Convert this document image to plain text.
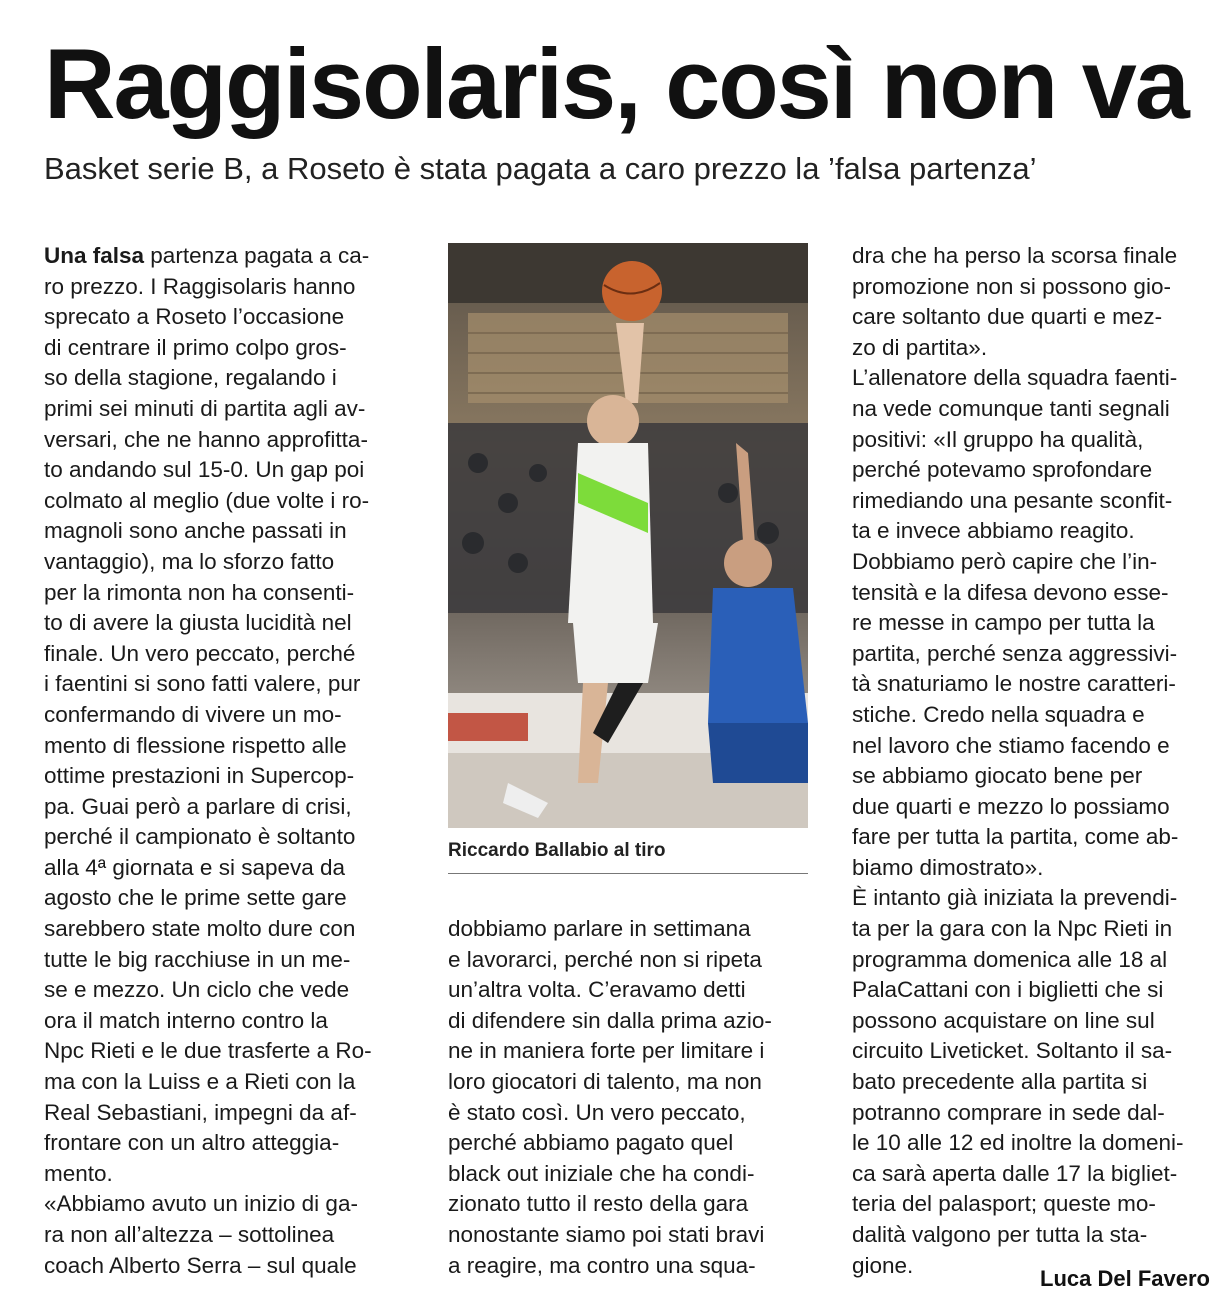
Raggisolaris, così non va
Basket serie B, a Roseto è stata pagata a caro prezzo la ’falsa partenza’
Una falsa partenza pagata a ca-
ro prezzo. I Raggisolaris hanno
sprecato a Roseto l’occasione
di centrare il primo colpo gros-
so della stagione, regalando i
primi sei minuti di partita agli av-
versari, che ne hanno approfitta-
to andando sul 15-0. Un gap poi
colmato al meglio (due volte i ro-
magnoli sono anche passati in
vantaggio), ma lo sforzo fatto
per la rimonta non ha consenti-
to di avere la giusta lucidità nel
finale. Un vero peccato, perché
i faentini si sono fatti valere, pur
confermando di vivere un mo-
mento di flessione rispetto alle
ottime prestazioni in Supercop-
pa. Guai però a parlare di crisi,
perché il campionato è soltanto
alla 4ª giornata e si sapeva da
agosto che le prime sette gare
sarebbero state molto dure con
tutte le big racchiuse in un me-
se e mezzo. Un ciclo che vede
ora il match interno contro la
Npc Rieti e le due trasferte a Ro-
ma con la Luiss e a Rieti con la
Real Sebastiani, impegni da af-
frontare con un altro atteggia-
mento.
«Abbiamo avuto un inizio di ga-
ra non all’altezza – sottolinea
coach Alberto Serra – sul quale
Riccardo Ballabio al tiro
dobbiamo parlare in settimana
e lavorarci, perché non si ripeta
un’altra volta. C’eravamo detti
di difendere sin dalla prima azio-
ne in maniera forte per limitare i
loro giocatori di talento, ma non
è stato così. Un vero peccato,
perché abbiamo pagato quel
black out iniziale che ha condi-
zionato tutto il resto della gara
nonostante siamo poi stati bravi
a reagire, ma contro una squa-
dra che ha perso la scorsa finale
promozione non si possono gio-
care soltanto due quarti e mez-
zo di partita».
L’allenatore della squadra faenti-
na vede comunque tanti segnali
positivi: «Il gruppo ha qualità,
perché potevamo sprofondare
rimediando una pesante sconfit-
ta e invece abbiamo reagito.
Dobbiamo però capire che l’in-
tensità e la difesa devono esse-
re messe in campo per tutta la
partita, perché senza aggressivi-
tà snaturiamo le nostre caratteri-
stiche. Credo nella squadra e
nel lavoro che stiamo facendo e
se abbiamo giocato bene per
due quarti e mezzo lo possiamo
fare per tutta la partita, come ab-
biamo dimostrato».
È intanto già iniziata la prevendi-
ta per la gara con la Npc Rieti in
programma domenica alle 18 al
PalaCattani con i biglietti che si
possono acquistare on line sul
circuito Liveticket. Soltanto il sa-
bato precedente alla partita si
potranno comprare in sede dal-
le 10 alle 12 ed inoltre la domeni-
ca sarà aperta dalle 17 la bigliet-
teria del palasport; queste mo-
dalità valgono per tutta la sta-
gione.
Luca Del Favero
